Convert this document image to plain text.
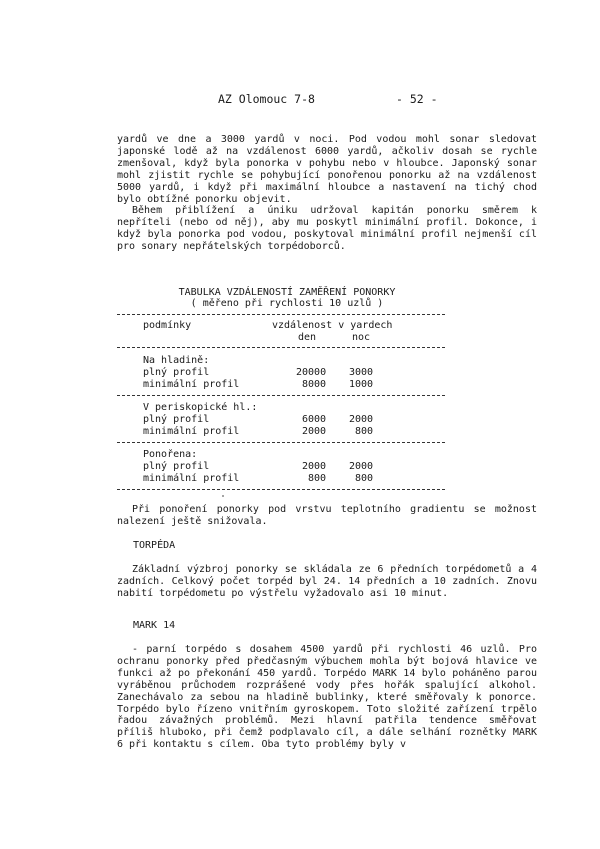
AZ Olomouc 7-8	- 52 -

yardů ve dne a 3000 yardů v noci. Pod vodou mohl sonar sledovat japonské lodě až na vzdálenost 6000 yardů, ačkoliv dosah se rychle zmenšoval, když byla ponorka v pohybu nebo v hloubce. Japonský sonar mohl zjistit rychle se pohybující ponořenou ponorku až na vzdálenost 5000 yardů, i když při maximální hloubce a nastavení na tichý chod bylo obtížné ponorku objevit.

Během přiblížení a úniku udržoval kapitán ponorku směrem k nepříteli (nebo od něj), aby mu poskytl minimální profil. Dokonce, i když byla ponorka pod vodou, poskytoval minimální profil nejmenší cíl pro sonary nepřátelských torpédoborců.

TABULKA VZDÁLENOSTÍ ZAMĚŘENÍ PONORKY
( měřeno při rychlosti 10 uzlů )
podmínky	vzdálenost v yardech
den	noc
Na hladině:
plný profil	20000 3000
minimální profil	8000 1000
V periskopické hl.:
plný profil	6000 2000
minimální profil	2000	800
Ponořena:
plný profil	2000 2000
minimální profil	800	800
Při ponoření ponorky pod vrstvu teplotního gradientu se možnost nalezení ještě snižovala.
TORPÉDA
Základní výzbroj ponorky se skládala ze 6 předních torpédometů a 4 zadních. Celkový počet torpéd byl 24. 14 předních a 10 zadních. Znovu nabití torpédometu po výstřelu vyžadovalo asi 10 minut.
MARK 14
- parní torpédo s dosahem 4500 yardů při rychlosti 46 uzlů. Pro ochranu ponorky před předčasným výbuchem mohla být bojová hlavice ve funkci až po překonání 450 yardů. Torpédo MARK 14 bylo poháněno parou vyráběnou průchodem rozprášené vody přes hořák spalující alkohol. Zanechávalo za sebou na hladině bublinky, které směřovaly k ponorce. Torpédo bylo řízeno vnitřním gyroskopem. Toto složité zařízení trpělo řadou závažných problémů. Mezi hlavní patřila tendence směřovat příliš hluboko, při čemž podplavalo cíl, a dále selhání roznětky MARK 6 při kontaktu s cílem. Oba tyto problémy byly v
